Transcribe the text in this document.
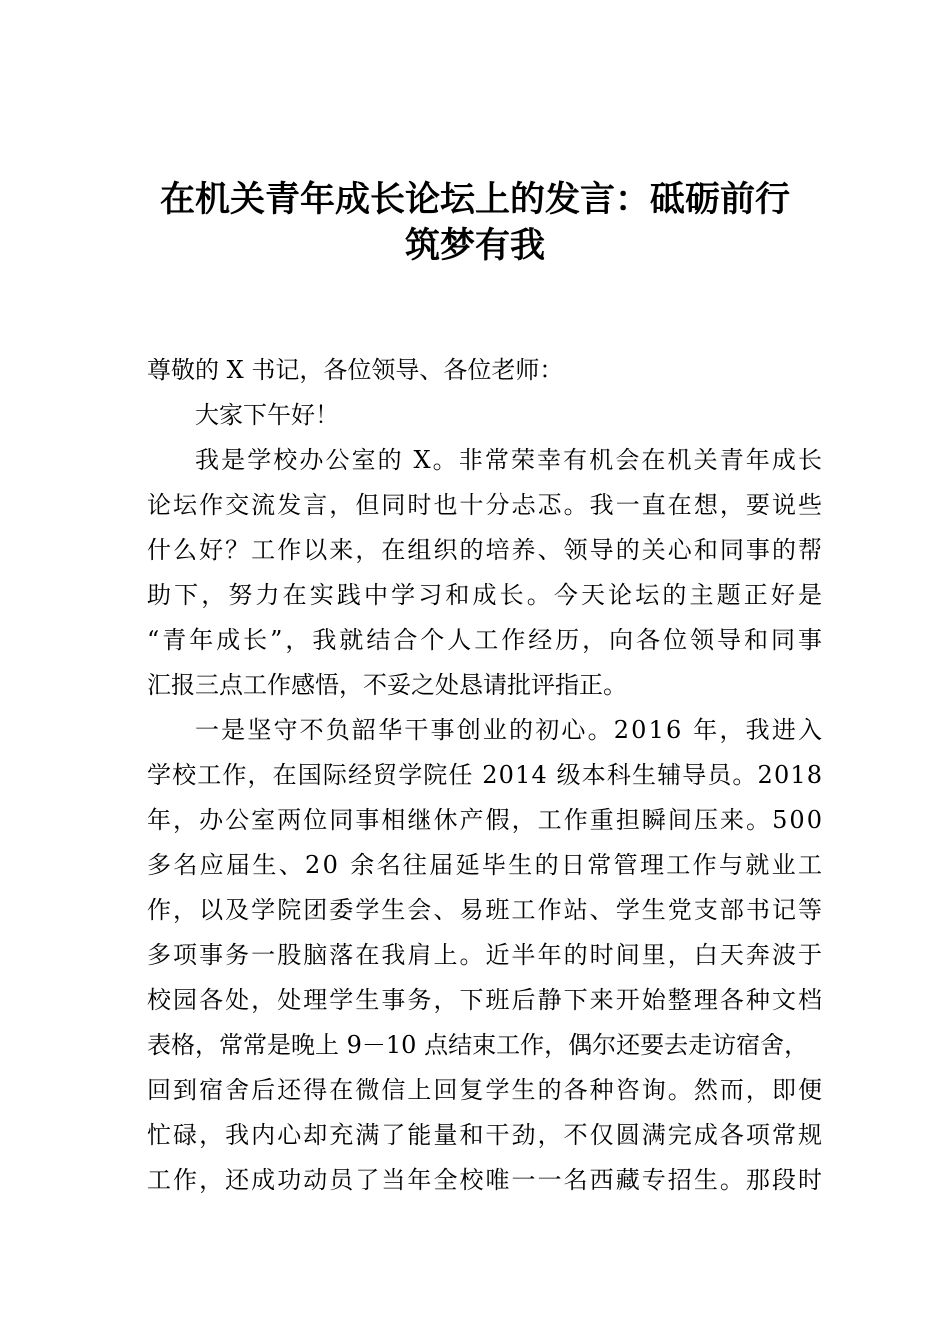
在机关青年成长论坛上的发言：砥砺前行
筑梦有我
尊敬的 X 书记，各位领导、各位老师：
大家下午好！
我是学校办公室的 X。非常荣幸有机会在机关青年成长
论坛作交流发言，但同时也十分忐忑。我一直在想，要说些
什么好？工作以来，在组织的培养、领导的关心和同事的帮
助下，努力在实践中学习和成长。今天论坛的主题正好是
“青年成长”，我就结合个人工作经历，向各位领导和同事
汇报三点工作感悟，不妥之处恳请批评指正。
一是坚守不负韶华干事创业的初心。2016 年，我进入
学校工作，在国际经贸学院任 2014 级本科生辅导员。2018
年，办公室两位同事相继休产假，工作重担瞬间压来。500
多名应届生、20 余名往届延毕生的日常管理工作与就业工
作，以及学院团委学生会、易班工作站、学生党支部书记等
多项事务一股脑落在我肩上。近半年的时间里，白天奔波于
校园各处，处理学生事务，下班后静下来开始整理各种文档
表格，常常是晚上 9－10 点结束工作，偶尔还要去走访宿舍，
回到宿舍后还得在微信上回复学生的各种咨询。然而，即便
忙碌，我内心却充满了能量和干劲，不仅圆满完成各项常规
工作，还成功动员了当年全校唯一一名西藏专招生。那段时
